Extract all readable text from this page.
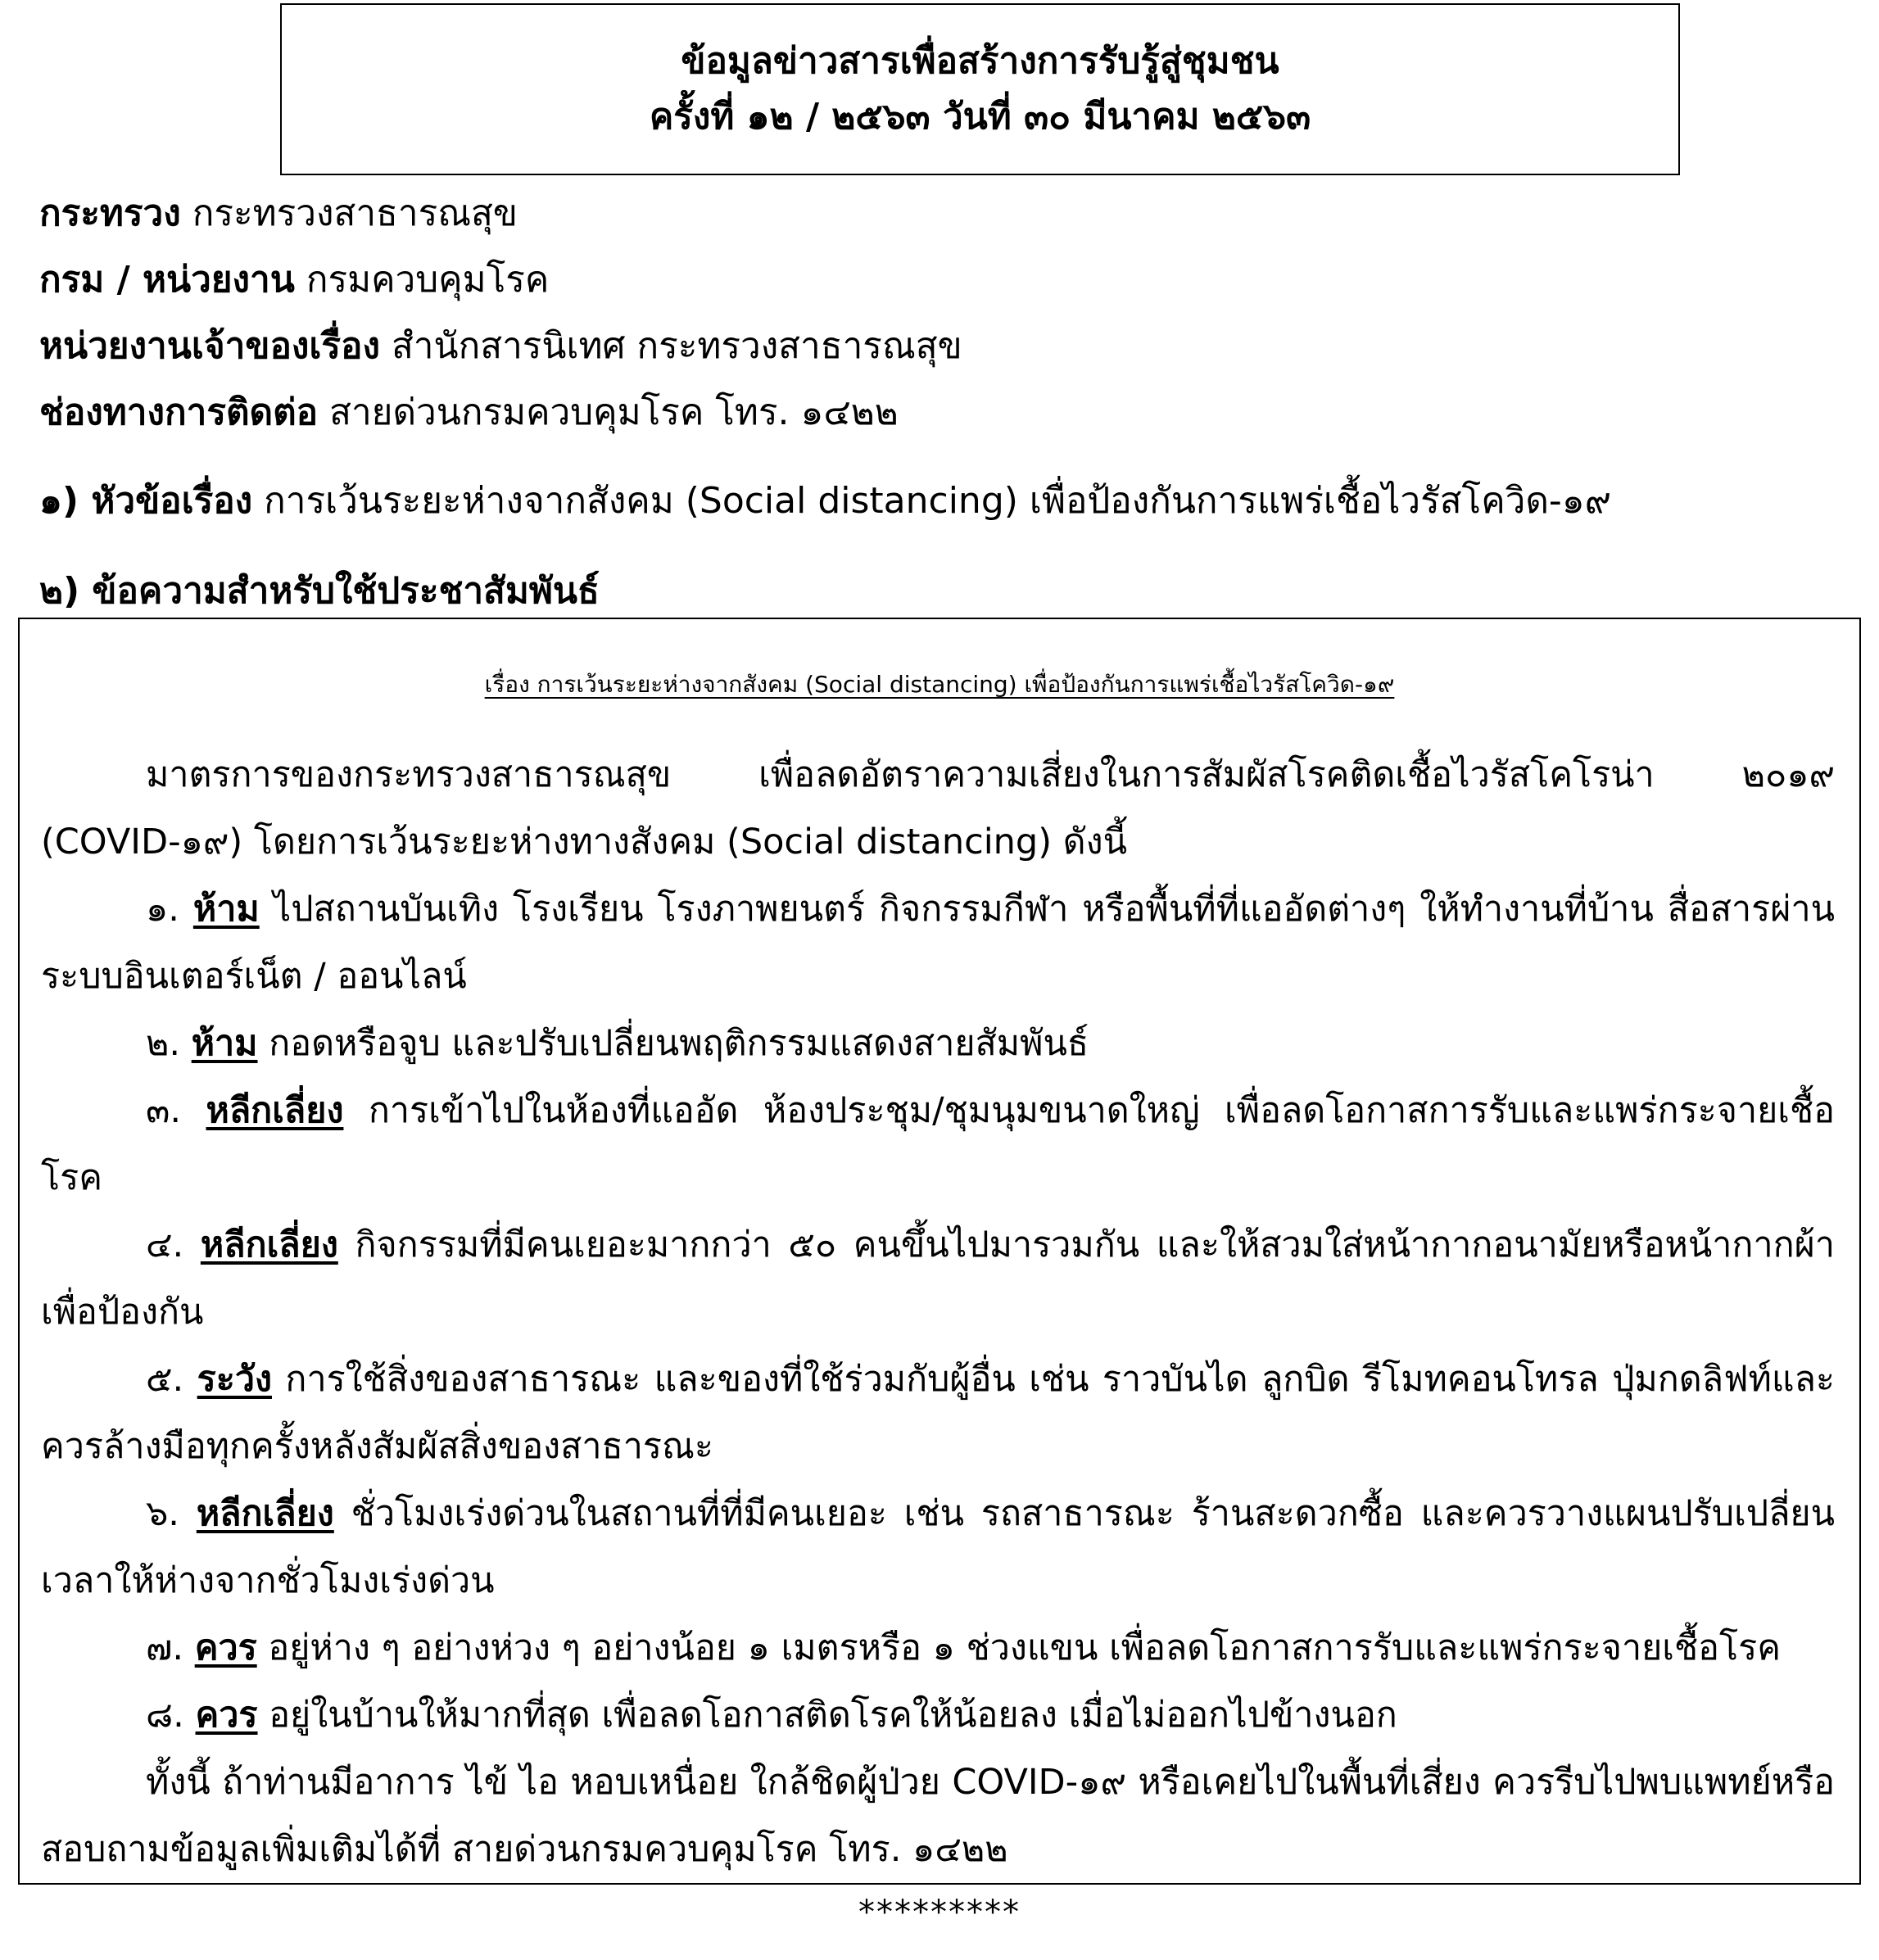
ข้อมูลข่าวสารเพื่อสร้างการรับรู้สู่ชุมชน
ครั้งที่ ๑๒ / ๒๕๖๓ วันที่ ๓๐ มีนาคม ๒๕๖๓
กระทรวง กระทรวงสาธารณสุข
กรม / หน่วยงาน กรมควบคุมโรค
หน่วยงานเจ้าของเรื่อง สำนักสารนิเทศ กระทรวงสาธารณสุข
ช่องทางการติดต่อ สายด่วนกรมควบคุมโรค โทร. ๑๔๒๒
๑) หัวข้อเรื่อง การเว้นระยะห่างจากสังคม (Social distancing) เพื่อป้องกันการแพร่เชื้อไวรัสโควิด-๑๙
๒) ข้อความสำหรับใช้ประชาสัมพันธ์
เรื่อง การเว้นระยะห่างจากสังคม (Social distancing) เพื่อป้องกันการแพร่เชื้อไวรัสโควิด-๑๙
มาตรการของกระทรวงสาธารณสุข เพื่อลดอัตราความเสี่ยงในการสัมผัสโรคติดเชื้อไวรัสโคโรน่า ๒๐๑๙ (COVID-๑๙) โดยการเว้นระยะห่างทางสังคม (Social distancing) ดังนี้
๑. ห้าม ไปสถานบันเทิง โรงเรียน โรงภาพยนตร์ กิจกรรมกีฬา หรือพื้นที่ที่แออัดต่างๆ ให้ทำงานที่บ้าน สื่อสารผ่านระบบอินเตอร์เน็ต / ออนไลน์
๒. ห้าม กอดหรือจูบ และปรับเปลี่ยนพฤติกรรมแสดงสายสัมพันธ์
๓. หลีกเลี่ยง การเข้าไปในห้องที่แออัด ห้องประชุม/ชุมนุมขนาดใหญ่ เพื่อลดโอกาสการรับและแพร่กระจายเชื้อโรค
๔. หลีกเลี่ยง กิจกรรมที่มีคนเยอะมากกว่า ๕๐ คนขึ้นไปมารวมกัน และให้สวมใส่หน้ากากอนามัยหรือหน้ากากผ้าเพื่อป้องกัน
๕. ระวัง การใช้สิ่งของสาธารณะ และของที่ใช้ร่วมกับผู้อื่น เช่น ราวบันได ลูกบิด รีโมทคอนโทรล ปุ่มกดลิฟท์และควรล้างมือทุกครั้งหลังสัมผัสสิ่งของสาธารณะ
๖. หลีกเลี่ยง ชั่วโมงเร่งด่วนในสถานที่ที่มีคนเยอะ เช่น รถสาธารณะ ร้านสะดวกซื้อ และควรวางแผนปรับเปลี่ยนเวลาให้ห่างจากชั่วโมงเร่งด่วน
๗. ควร อยู่ห่าง ๆ อย่างห่วง ๆ อย่างน้อย ๑ เมตรหรือ ๑ ช่วงแขน เพื่อลดโอกาสการรับและแพร่กระจายเชื้อโรค
๘. ควร อยู่ในบ้านให้มากที่สุด เพื่อลดโอกาสติดโรคให้น้อยลง เมื่อไม่ออกไปข้างนอก
ทั้งนี้ ถ้าท่านมีอาการ ไข้ ไอ หอบเหนื่อย ใกล้ชิดผู้ป่วย COVID-๑๙ หรือเคยไปในพื้นที่เสี่ยง ควรรีบไปพบแพทย์หรือสอบถามข้อมูลเพิ่มเติมได้ที่ สายด่วนกรมควบคุมโรค โทร. ๑๔๒๒
*********
